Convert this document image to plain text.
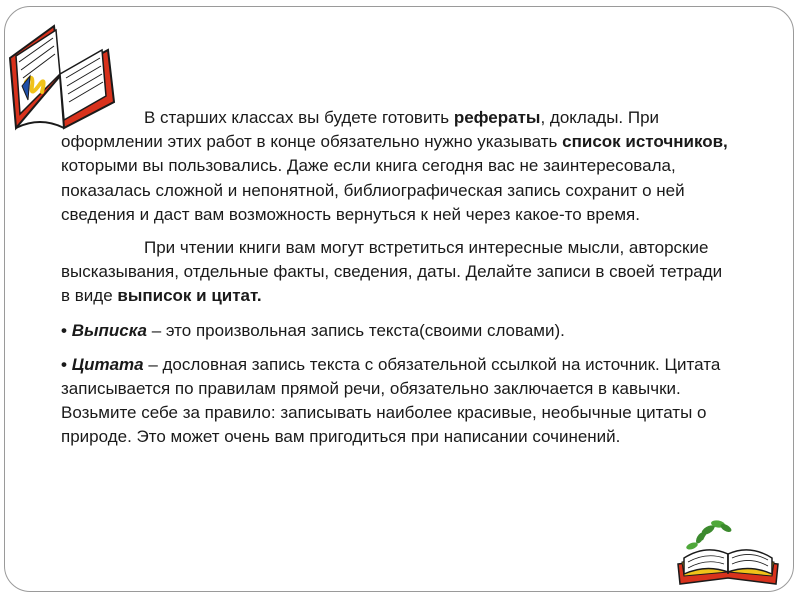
В старших классах вы будете готовить рефераты, доклады. При оформлении этих работ в конце обязательно нужно указывать список источников, которыми вы пользовались. Даже если книга сегодня вас не заинтересовала, показалась сложной и непонятной, библиографическая запись сохранит о ней сведения и даст вам возможность вернуться к ней через какое-то время.

При чтении книги вам могут встретиться интересные мысли, авторские высказывания, отдельные факты, сведения, даты. Делайте записи в своей тетради в виде выписок и цитат.

• Выписка – это произвольная запись текста(своими словами).

• Цитата – дословная запись текста с обязательной ссылкой на источник. Цитата записывается по правилам прямой речи, обязательно заключается в кавычки. Возьмите себе за правило: записывать наиболее красивые, необычные цитаты о природе. Это может очень вам пригодиться при написании сочинений.
